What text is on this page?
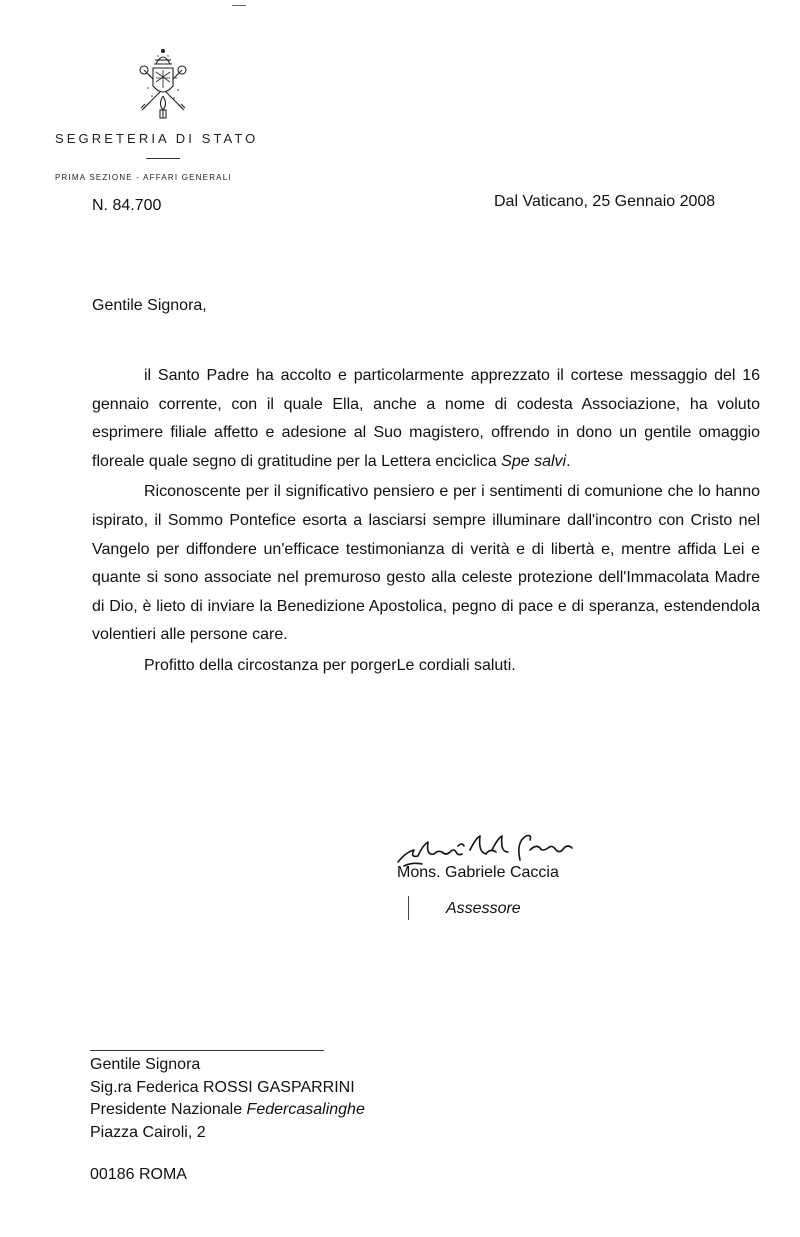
SEGRETERIA DI STATO
PRIMA SEZIONE - AFFARI GENERALI
N. 84.700	Dal Vaticano, 25 Gennaio 2008
Gentile Signora,

il Santo Padre ha accolto e particolarmente apprezzato il cortese messaggio del 16 gennaio corrente, con il quale Ella, anche a nome di codesta Associazione, ha voluto esprimere filiale affetto e adesione al Suo magistero, offrendo in dono un gentile omaggio floreale quale segno di gratitudine per la Lettera enciclica Spe salvi.

Riconoscente per il significativo pensiero e per i sentimenti di comunione che lo hanno ispirato, il Sommo Pontefice esorta a lasciarsi sempre illuminare dall'incontro con Cristo nel Vangelo per diffondere un'efficace testimonianza di verità e di libertà e, mentre affida Lei e quante si sono associate nel premuroso gesto alla celeste protezione dell'Immacolata Madre di Dio, è lieto di inviare la Benedizione Apostolica, pegno di pace e di speranza, estendendola volentieri alle persone care.

Profitto della circostanza per porgerLe cordiali saluti.

Mons. Gabriele Caccia
Assessore
Gentile Signora
Sig.ra Federica ROSSI GASPARRINI
Presidente Nazionale Federcasalinghe
Piazza Cairoli, 2
00186 ROMA
